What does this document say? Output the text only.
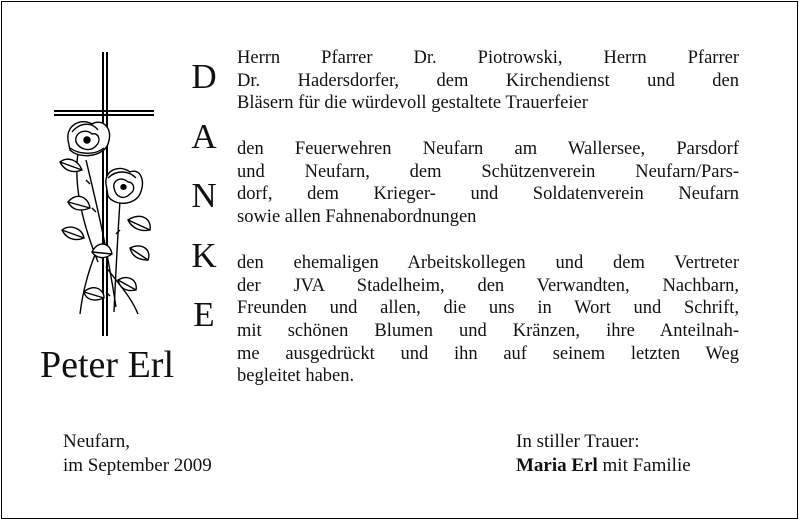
D
A
N
K
E
Peter Erl

Herrn Pfarrer Dr. Piotrowski, Herrn Pfarrer

Dr. Hadersdorfer, dem Kirchendienst und den

Bläsern für die würdevoll gestaltete Trauerfeier

den Feuerwehren Neufarn am Wallersee, Parsdorf

und Neufarn, dem Schützenverein Neufarn/Pars-

dorf, dem Krieger- und Soldatenverein Neufarn

sowie allen Fahnenabordnungen

den ehemaligen Arbeitskollegen und dem Vertreter

der JVA Stadelheim, den Verwandten, Nachbarn,

Freunden und allen, die uns in Wort und Schrift,

mit schönen Blumen und Kränzen, ihre Anteilnah-

me ausgedrückt und ihn auf seinem letzten Weg

begleitet haben.

Neufarn,
im September 2009
In stiller Trauer:
Maria Erl mit Familie
